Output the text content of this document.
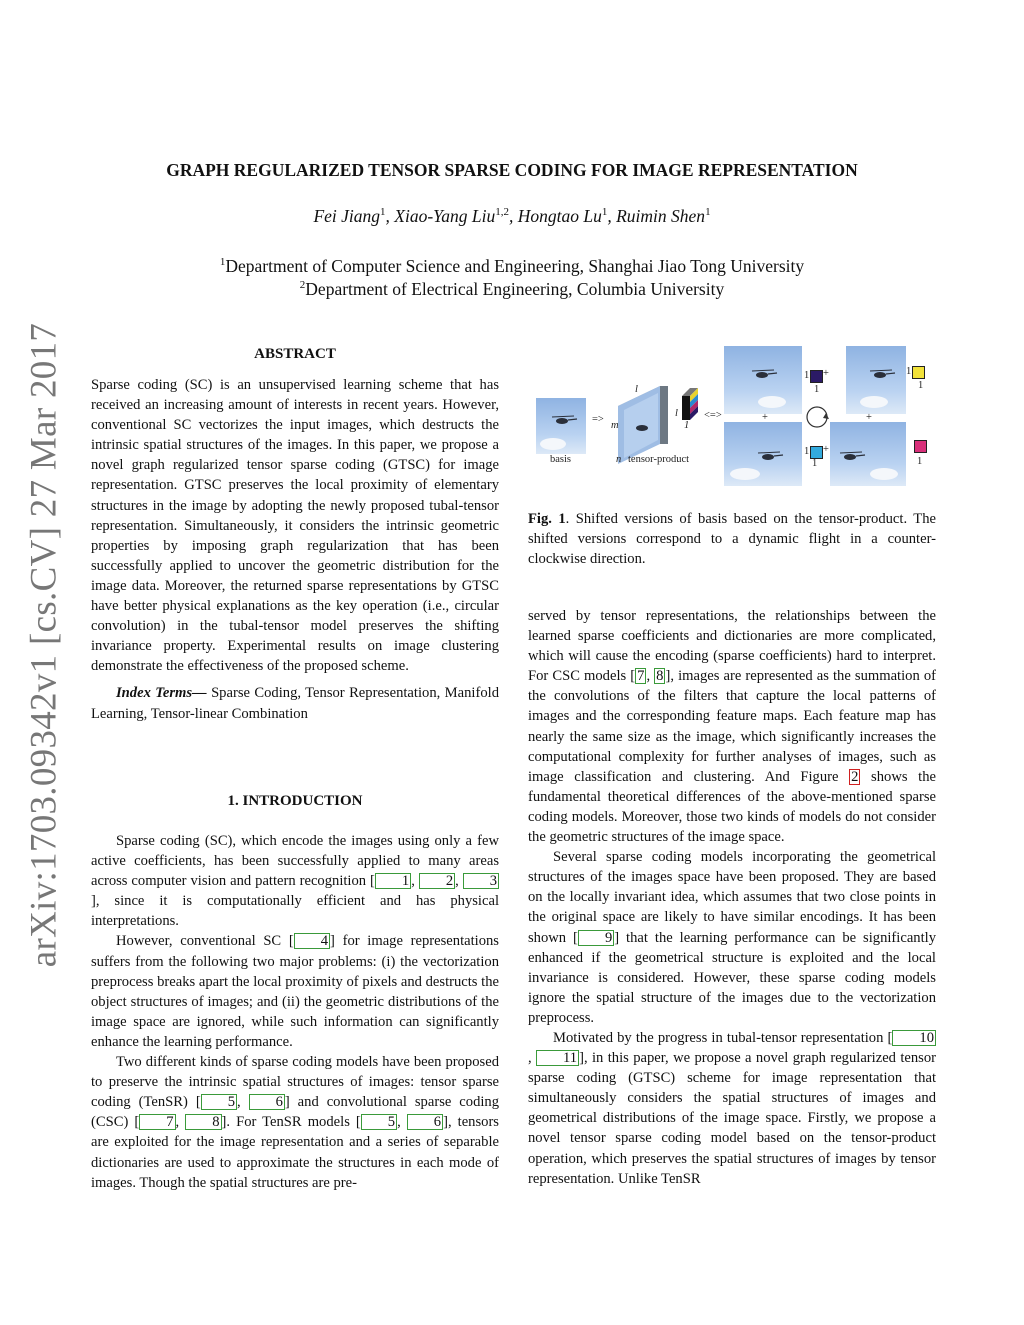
arXiv:1703.09342v1 [cs.CV] 27 Mar 2017
GRAPH REGULARIZED TENSOR SPARSE CODING FOR IMAGE REPRESENTATION
Fei Jiang$^1$, Xiao-Yang Liu$^{1,2}$, Hongtao Lu$^1$, Ruimin Shen$^1$
$^1$Department of Computer Science and Engineering, Shanghai Jiao Tong University
$^2$Department of Electrical Engineering, Columbia University
ABSTRACT

Sparse coding (SC) is an unsupervised learning scheme that has received an increasing amount of interests in recent years. However, conventional SC vectorizes the input images, which destructs the intrinsic spatial structures of the images. In this paper, we propose a novel graph regularized tensor sparse coding (GTSC) for image representation. GTSC preserves the local proximity of elementary structures in the image by adopting the newly proposed tubal-tensor representation. Simultaneously, it considers the intrinsic geometric properties by imposing graph regularization that has been successfully applied to uncover the geometric distribution for the image data. Moreover, the returned sparse representations by GTSC have better physical explanations as the key operation (i.e., circular convolution) in the tubal-tensor model preserves the shifting invariance property. Experimental results on image clustering demonstrate the effectiveness of the proposed scheme.

Index Terms— Sparse Coding, Tensor Representation, Manifold Learning, Tensor-linear Combination

1. INTRODUCTION

Sparse coding (SC), which encode the images using only a few active coefficients, has been successfully applied to many areas across computer vision and pattern recognition [ 1 , 2 , 3], since it is computationally efficient and has physical interpretations.

However, conventional SC [ 4 ] for image representations suffers from the following two major problems: (i) the vectorization preprocess breaks apart the local proximity of pixels and destructs the object structures of images; and (ii) the geometric distributions of the image space are ignored, while such information can significantly enhance the learning performance.

Two different kinds of sparse coding models have been proposed to preserve the intrinsic spatial structures of images: tensor sparse coding (TenSR) [ 5 , 6 ] and convolutional sparse coding (CSC) [ 7 , 8 ]. For TenSR models [ 5 , 6 ], tensors are exploited for the image representation and a series of separable dictionaries are used to approximate the structures in each mode of images. Though the spatial structures are pre-

basis
=>
l
m
n tensor-product
l
1
<=>
1
1
1
1
1
1	1
+
+	+
+
Fig. 1. Shifted versions of basis based on the tensor-product. The shifted versions correspond to a dynamic flight in a counter-clockwise direction.

served by tensor representations, the relationships between the learned sparse coefficients and dictionaries are more complicated, which will cause the encoding (sparse coefficients) hard to interpret. For CSC models [ 7 , 8 ], images are represented as the summation of the convolutions of the filters that capture the local patterns of images and the corresponding feature maps. Each feature map has nearly the same size as the image, which significantly increases the computational complexity for further analyses of images, such as image classification and clustering. And Figure 2 shows the fundamental theoretical differences of the above-mentioned sparse coding models. Moreover, those two kinds of models do not consider the geometric structures of the image space.

Several sparse coding models incorporating the geometrical structures of the images space have been proposed. They are based on the locally invariant idea, which assumes that two close points in the original space are likely to have similar encodings. It has been shown [ 9 ] that the learning performance can be significantly enhanced if the geometrical structure is exploited and the local invariance is considered. However, these sparse coding models ignore the spatial structure of the images due to the vectorization preprocess.

Motivated by the progress in tubal-tensor representation [ 10, 11 ], in this paper, we propose a novel graph regularized tensor sparse coding (GTSC) scheme for image representation that simultaneously considers the spatial structures of images and geometrical distributions of the image space. Firstly, we propose a novel tensor sparse coding model based on the tensor-product operation, which preserves the spatial structures of images by tensor representation. Unlike TenSR
